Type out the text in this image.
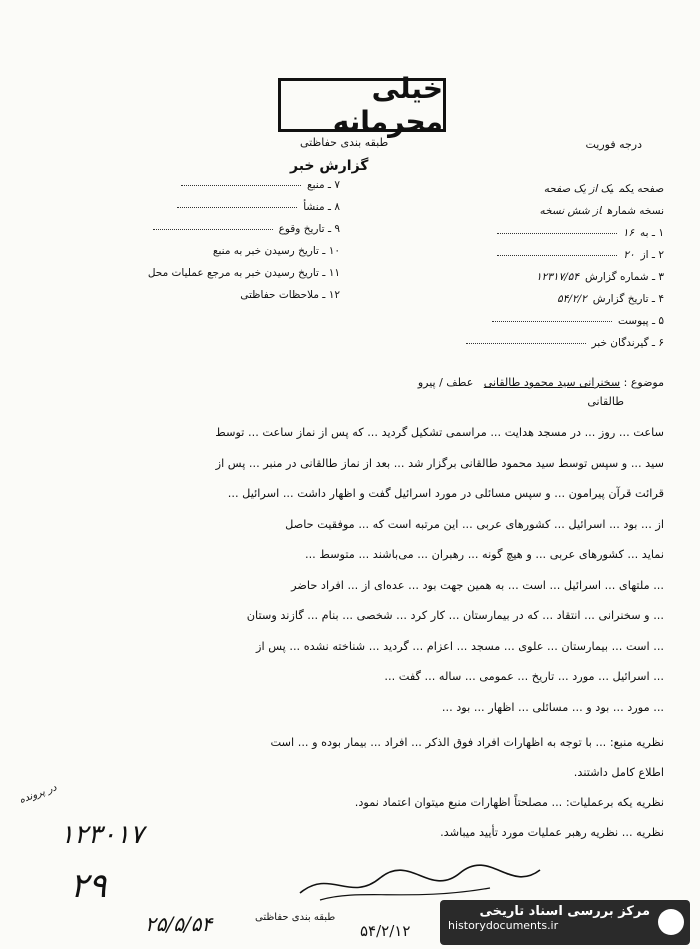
خیلی محرمانه
طبقه بندی حفاظتی	درجه فوریت
گزارش خبر
صفحه یکمیک از یک صفحه
نسخه شمارهاز شش نسخه
۱ ـ به۱۶
۲ ـ از۲۰
۳ ـ شماره گزارش۱۲۳۱۷/۵۴
۴ ـ تاریخ گزارش۵۴/۲/۲
۵ ـ پیوست
۶ ـ گیرندگان خبر
۷ ـ منبع
۸ ـ منشأ
۹ ـ تاریخ وقوع
۱۰ ـ تاریخ رسیدن خبر به منبع
۱۱ ـ تاریخ رسیدن خبر به مرجع عملیات محل
۱۲ ـ ملاحظات حفاظتی
موضوع : سخنرانی سید محمود طالقانی   عطف / پیرو
طالقانی

ساعت ... روز ... در مسجد هدایت ... مراسمی تشکیل گردید ... که پس از نماز ساعت ... توسط

سید ... و سپس توسط سید محمود طالقانی برگزار شد ... بعد از نماز طالقانی در منبر ... پس از

قرائت قرآن پیرامون ... و سپس مسائلی در مورد اسرائیل گفت و اظهار داشت ... اسرائیل ...

از ... بود ... اسرائیل ... کشورهای عربی ... این مرتبه است که ... موفقیت حاصل

نماید ... کشورهای عربی ... و هیچ گونه ... رهبران ... می‌باشند ... متوسط ...

... ملتهای ... اسرائیل ... است ... به همین جهت بود ... عده‌ای از ... افراد حاضر

... و سخنرانی ... انتقاد ... که در بیمارستان ... کار کرد ... شخصی ... بنام ... گازند وستان

... است ... بیمارستان ... علوی ... مسجد ... اعزام ... گردید ... شناخته نشده ... پس از

... اسرائیل ... مورد ... تاریخ ... عمومی ... ساله ... گفت ...

... مورد ... بود و ... مسائلی ... اظهار ... بود ...

نظریه منبع: ... با توجه به اظهارات افراد فوق الذکر ... افراد ... بیمار بوده و ... است

اطلاع کامل داشتند.

نظریه یکه برعملیات: ... مصلحتاً اظهارات منبع میتوان اعتماد نمود.

نظریه ... نظریه رهبر عملیات مورد تأیید میباشد.

در پرونده
۱۲۳۰۱۷
۲۹
۲۵/۵/۵۴	طبقه بندی حفاظتی
۵۴/۲/۱۲
مرکز بررسی اسناد تاریخی
historydocuments.ir
